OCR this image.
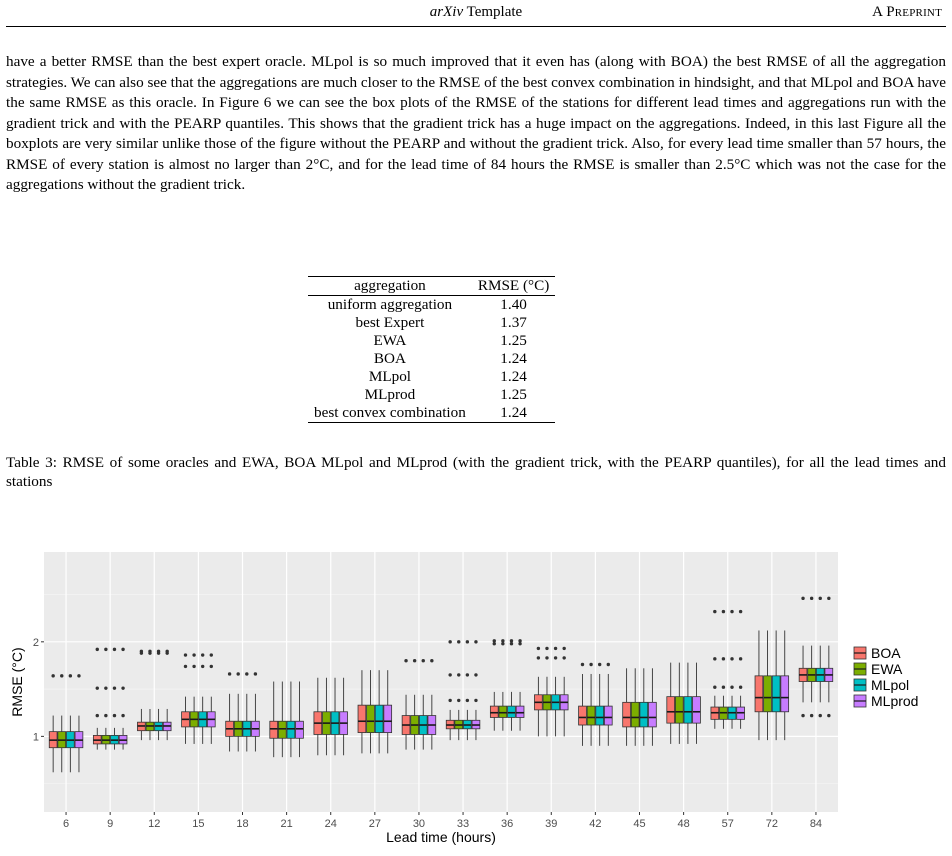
arXiv Template	A Preprint
have a better RMSE than the best expert oracle. MLpol is so much improved that it even has (along with BOA) the best RMSE of all the aggregation strategies. We can also see that the aggregations are much closer to the RMSE of the best convex combination in hindsight, and that MLpol and BOA have the same RMSE as this oracle. In Figure 6 we can see the box plots of the RMSE of the stations for different lead times and aggregations run with the gradient trick and with the PEARP quantiles. This shows that the gradient trick has a huge impact on the aggregations. Indeed, in this last Figure all the boxplots are very similar unlike those of the figure without the PEARP and without the gradient trick. Also, for every lead time smaller than 57 hours, the RMSE of every station is almost no larger than 2°C, and for the lead time of 84 hours the RMSE is smaller than 2.5°C which was not the case for the aggregations without the gradient trick.
aggregation	RMSE (°C)
uniform aggregation	1.40
best Expert	1.37
EWA	1.25
BOA	1.24
MLpol	1.24
MLprod	1.25
best convex combination	1.24
Table 3: RMSE of some oracles and EWA, BOA MLpol and MLprod (with the gradient trick, with the PEARP quantiles), for all the lead times and stations
1
2
6	9	12	15	18	21	24	27	30	33	36	39	42	45	48	57	72	84
Lead time (hours)
RMSE (°C)	BOA
EWA
MLpol
MLprod
